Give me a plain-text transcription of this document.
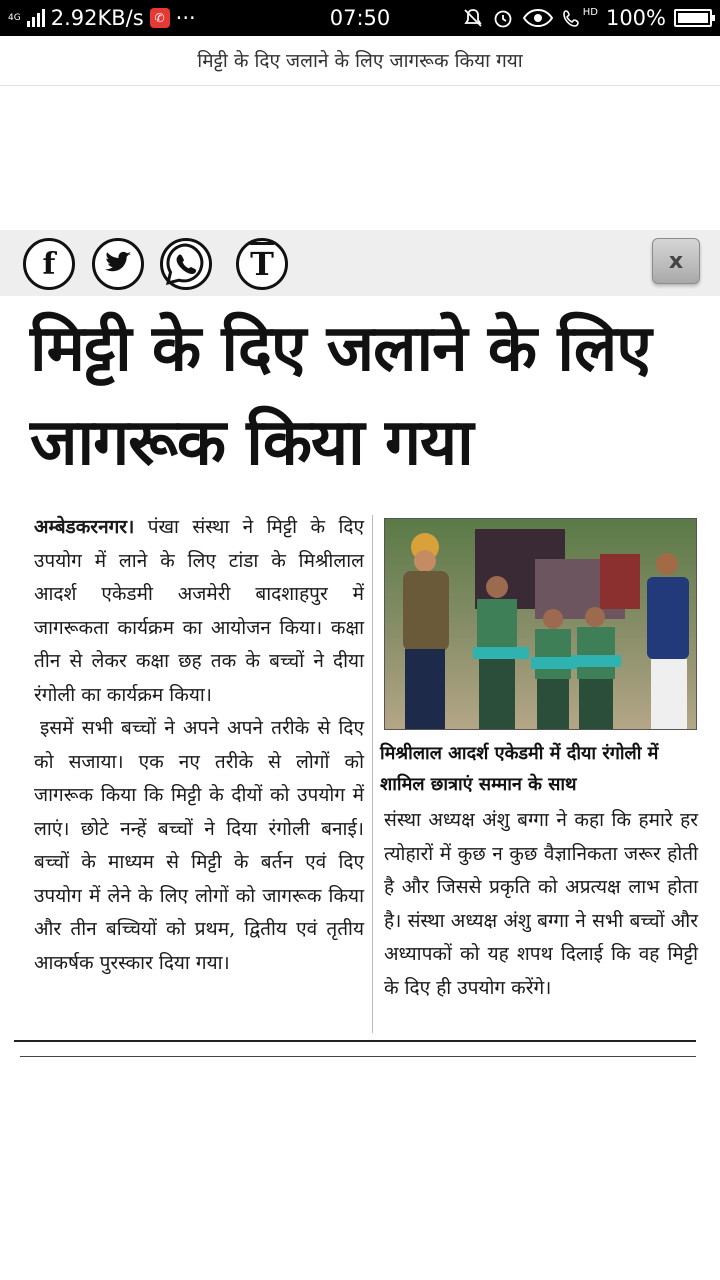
4G 2.92KB/s ✆ ···	07:50	HD 100%
मिट्टी के दिए जलाने के लिए जागरूक किया गया
f	$\overline{T}$	x
मिट्टी के दिए जलाने के लिए जागरूक किया गया

अम्बेडकरनगर। पंखा संस्था ने मिट्टी के दिए उपयोग में लाने के लिए टांडा के मिश्रीलाल आदर्श एकेडमी अजमेरी बादशाहपुर में जागरूकता कार्यक्रम का आयोजन किया। कक्षा तीन से लेकर कक्षा छह तक के बच्चों ने दीया रंगोली का कार्यक्रम किया।

इसमें सभी बच्चों ने अपने अपने तरीके से दिए को सजाया। एक नए तरीके से लोगों को जागरूक किया कि मिट्टी के दीयों को उपयोग में लाएं। छोटे नन्हें बच्चों ने दिया रंगोली बनाई। बच्चों के माध्यम से मिट्टी के बर्तन एवं दिए उपयोग में लेने के लिए लोगों को जागरूक किया और तीन बच्चियों को प्रथम, द्वितीय एवं तृतीय आकर्षक पुरस्कार दिया गया।

मिश्रीलाल आदर्श एकेडमी में दीया रंगोली में शामिल छात्राएं सम्मान के साथ

संस्था अध्यक्ष अंशु बग्गा ने कहा कि हमारे हर त्योहारों में कुछ न कुछ वैज्ञानिकता जरूर होती है और जिससे प्रकृति को अप्रत्यक्ष लाभ होता है। संस्था अध्यक्ष अंशु बग्गा ने सभी बच्चों और अध्यापकों को यह शपथ दिलाई कि वह मिट्टी के दिए ही उपयोग करेंगे।
